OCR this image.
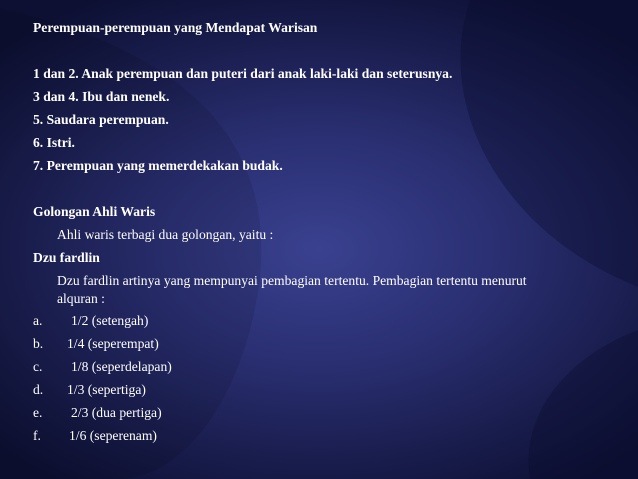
Perempuan-perempuan yang Mendapat Warisan
1 dan 2. Anak perempuan dan puteri dari anak laki-laki dan seterusnya.
3 dan 4. Ibu dan nenek.
5. Saudara perempuan.
6. Istri.
7. Perempuan yang memerdekakan budak.
Golongan Ahli Waris
Ahli waris terbagi dua golongan, yaitu :
Dzu fardlin
Dzu fardlin artinya yang mempunyai pembagian tertentu. Pembagian tertentu menurut alquran :
a.	1/2 (setengah)
b.	1/4 (seperempat)
c.	1/8 (seperdelapan)
d.	1/3 (sepertiga)
e.	2/3 (dua pertiga)
f.	1/6 (seperenam)
